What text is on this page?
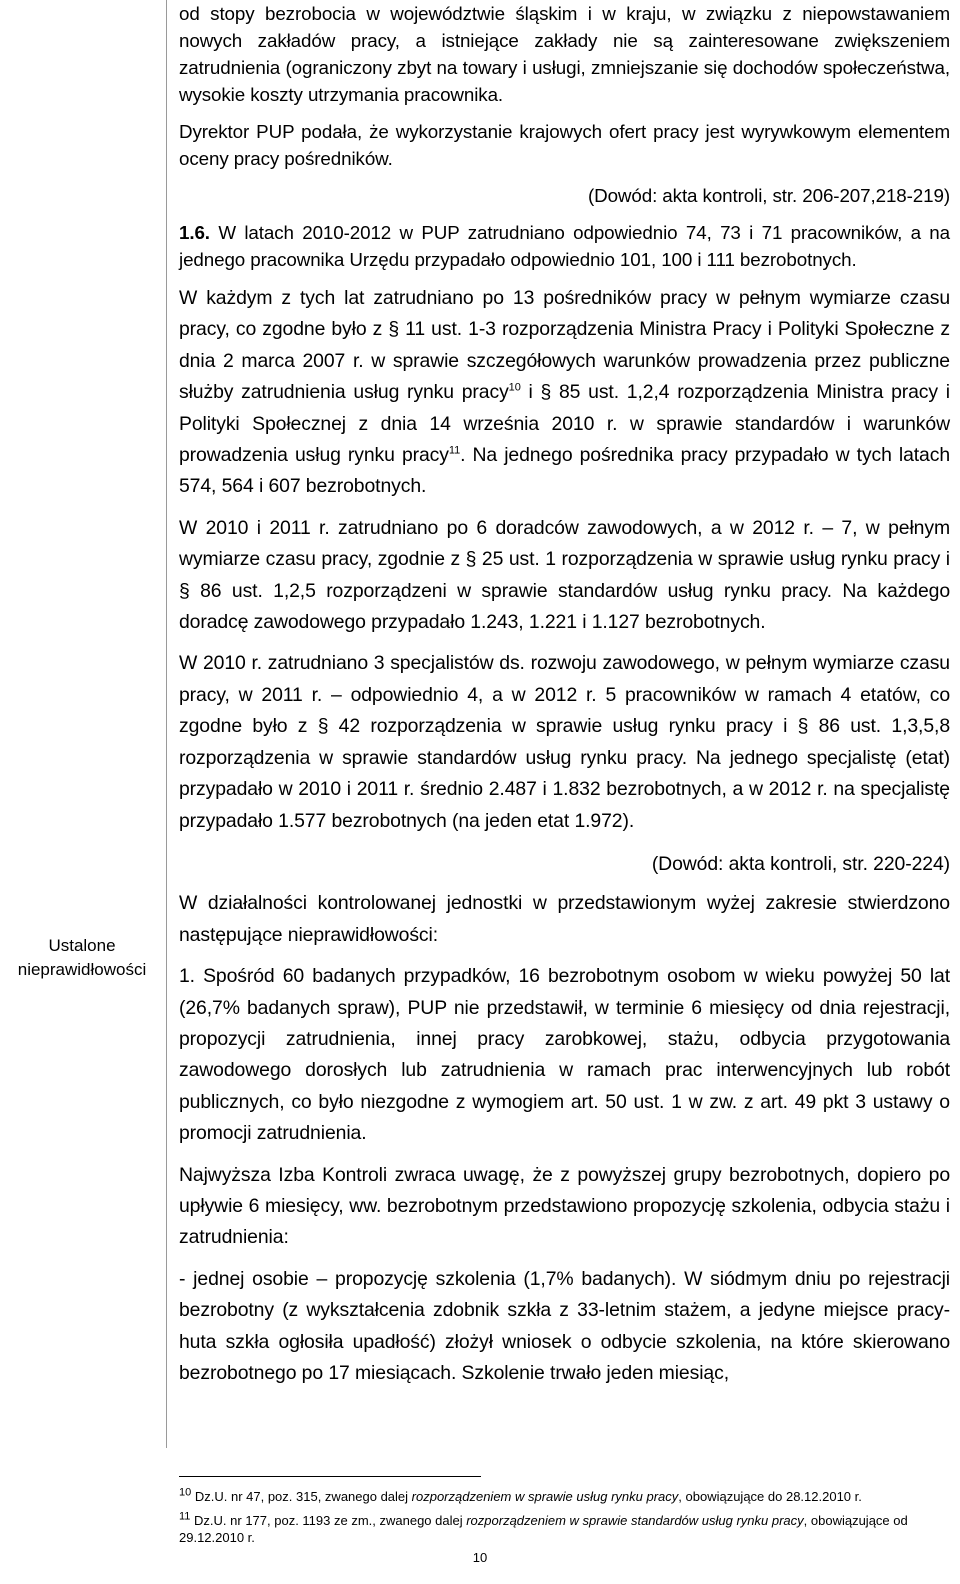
Ustalone
nieprawidłowości

od stopy bezrobocia w województwie śląskim i w kraju, w związku z niepowstawaniem nowych zakładów pracy, a istniejące zakłady nie są zainteresowane zwiększeniem zatrudnienia (ograniczony zbyt na towary i usługi, zmniejszanie się dochodów społeczeństwa, wysokie koszty utrzymania pracownika.

Dyrektor PUP podała, że wykorzystanie krajowych ofert pracy jest wyrywkowym elementem oceny pracy pośredników.

(Dowód: akta kontroli, str. 206-207,218-219)

1.6. W latach 2010-2012 w PUP zatrudniano odpowiednio 74, 73 i 71 pracowników, a na jednego pracownika Urzędu przypadało odpowiednio 101, 100 i 111 bezrobotnych.

W każdym z tych lat zatrudniano po 13 pośredników pracy w pełnym wymiarze czasu pracy, co zgodne było z § 11 ust. 1-3 rozporządzenia Ministra Pracy i Polityki Społeczne z dnia 2 marca 2007 r. w sprawie szczegółowych warunków prowadzenia przez publiczne służby zatrudnienia usług rynku pracy$^{10}$ i § 85 ust. 1,2,4 rozporządzenia Ministra pracy i Polityki Społecznej z dnia 14 września 2010 r. w sprawie standardów i warunków prowadzenia usług rynku pracy$^{11}$. Na jednego pośrednika pracy przypadało w tych latach 574, 564 i 607 bezrobotnych.

W 2010 i 2011 r. zatrudniano po 6 doradców zawodowych, a w 2012 r. – 7, w pełnym wymiarze czasu pracy, zgodnie z § 25 ust. 1 rozporządzenia w sprawie usług rynku pracy i § 86 ust. 1,2,5 rozporządzeni w sprawie standardów usług rynku pracy. Na każdego doradcę zawodowego przypadało 1.243, 1.221 i 1.127 bezrobotnych.

W 2010 r. zatrudniano 3 specjalistów ds. rozwoju zawodowego, w pełnym wymiarze czasu pracy, w 2011 r. – odpowiednio 4, a w 2012 r. 5 pracowników w ramach 4 etatów, co zgodne było z § 42 rozporządzenia w sprawie usług rynku pracy i § 86 ust. 1,3,5,8 rozporządzenia w sprawie standardów usług rynku pracy. Na jednego specjalistę (etat) przypadało w 2010 i 2011 r. średnio 2.487 i 1.832 bezrobotnych, a w 2012 r. na specjalistę przypadało 1.577 bezrobotnych (na jeden etat 1.972).

(Dowód: akta kontroli, str. 220-224)

W działalności kontrolowanej jednostki w przedstawionym wyżej zakresie stwierdzono następujące nieprawidłowości:

1. Spośród 60 badanych przypadków, 16 bezrobotnym osobom w wieku powyżej 50 lat (26,7% badanych spraw), PUP nie przedstawił, w terminie 6 miesięcy od dnia rejestracji, propozycji zatrudnienia, innej pracy zarobkowej, stażu, odbycia przygotowania zawodowego dorosłych lub zatrudnienia w ramach prac interwencyjnych lub robót publicznych, co było niezgodne z wymogiem art. 50 ust. 1 w zw. z art. 49 pkt 3 ustawy o promocji zatrudnienia.

Najwyższa Izba Kontroli zwraca uwagę, że z powyższej grupy bezrobotnych, dopiero po upływie 6 miesięcy, ww. bezrobotnym przedstawiono propozycję szkolenia, odbycia stażu i zatrudnienia:

- jednej osobie – propozycję szkolenia (1,7% badanych). W siódmym dniu po rejestracji bezrobotny (z wykształcenia zdobnik szkła z 33-letnim stażem, a jedyne miejsce pracy-huta szkła ogłosiła upadłość) złożył wniosek o odbycie szkolenia, na które skierowano bezrobotnego po 17 miesiącach. Szkolenie trwało jeden miesiąc,

$^{10}$ Dz.U. nr 47, poz. 315, zwanego dalej rozporządzeniem w sprawie usług rynku pracy, obowiązujące do 28.12.2010 r.
$^{11}$ Dz.U. nr 177, poz. 1193 ze zm., zwanego dalej rozporządzeniem w sprawie standardów usług rynku pracy, obowiązujące od 29.12.2010 r.
10
